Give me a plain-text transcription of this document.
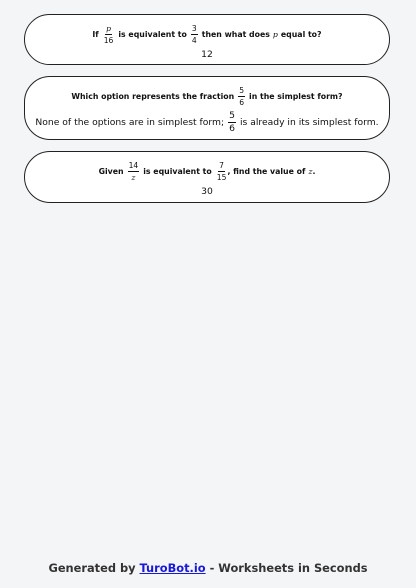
If $\frac{p}{16}$ is equivalent to $\frac{3}{4}$ then what does p equal to?
12
Which option represents the fraction $\frac{5}{6}$ in the simplest form?
None of the options are in simplest form; $\frac{5}{6}$ is already in its simplest form.
Given $\frac{14}{z}$ is equivalent to $\frac{7}{15}$ , find the value of z .
30
Generated by TuroBot.io - Worksheets in Seconds
